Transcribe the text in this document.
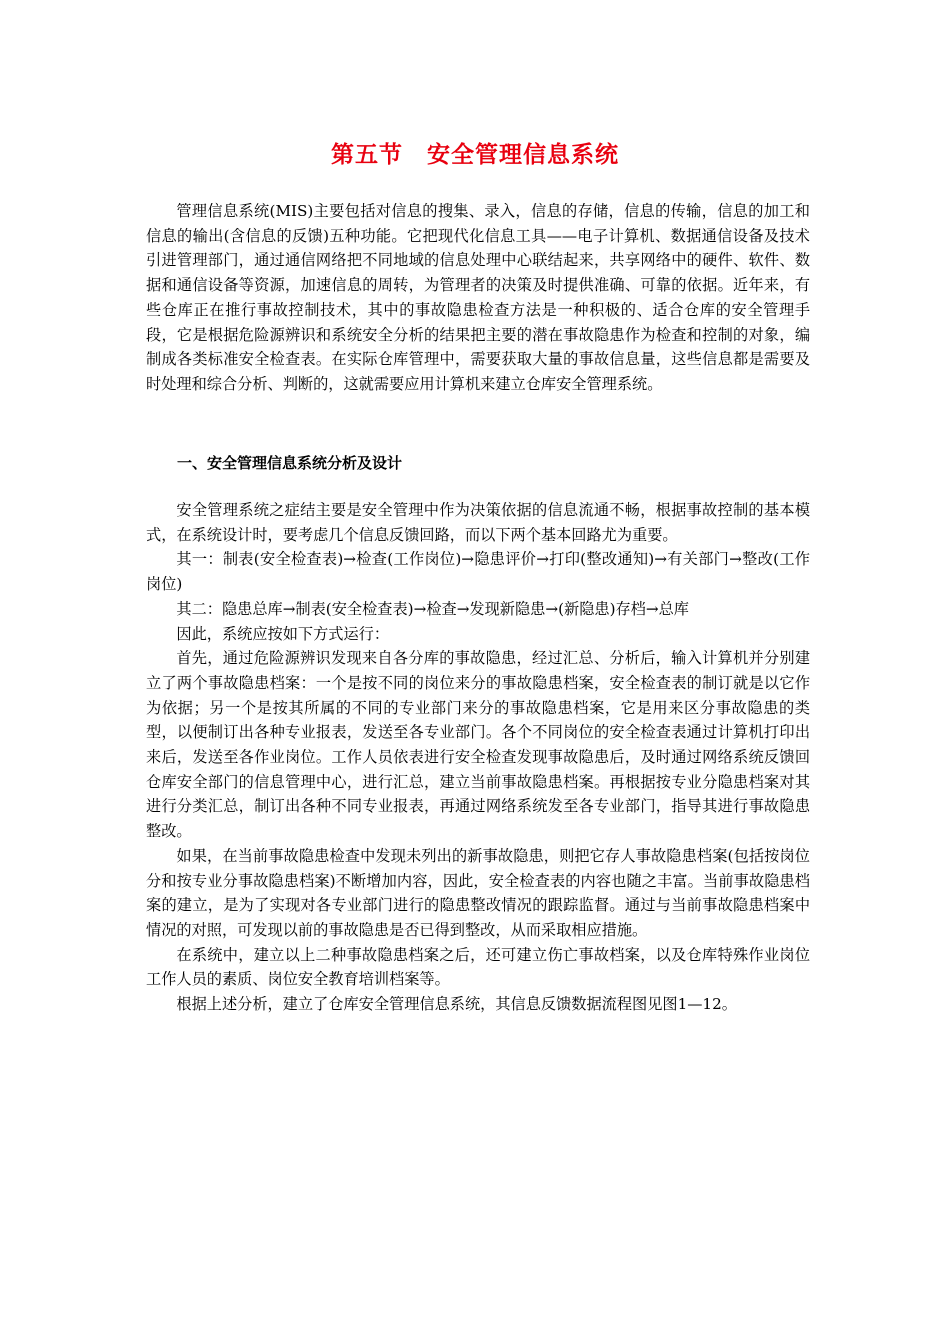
第五节　安全管理信息系统

管理信息系统(MIS)主要包括对信息的搜集、录入，信息的存储，信息的传输，信息的加工和信息的输出(含信息的反馈)五种功能。它把现代化信息工具——电子计算机、数据通信设备及技术引进管理部门，通过通信网络把不同地域的信息处理中心联结起来，共享网络中的硬件、软件、数据和通信设备等资源，加速信息的周转，为管理者的决策及时提供准确、可靠的依据。近年来，有些仓库正在推行事故控制技术，其中的事故隐患检查方法是一种积极的、适合仓库的安全管理手段，它是根据危险源辨识和系统安全分析的结果把主要的潜在事故隐患作为检查和控制的对象，编制成各类标准安全检查表。在实际仓库管理中，需要获取大量的事故信息量，这些信息都是需要及时处理和综合分析、判断的，这就需要应用计算机来建立仓库安全管理系统。

一、安全管理信息系统分析及设计

安全管理系统之症结主要是安全管理中作为决策依据的信息流通不畅，根据事故控制的基本模式，在系统设计时，要考虑几个信息反馈回路，而以下两个基本回路尤为重要。

其一：制表(安全检查表)→检查(工作岗位)→隐患评价→打印(整改通知)→有关部门→整改(工作岗位)

其二：隐患总库→制表(安全检查表)→检查→发现新隐患→(新隐患)存档→总库

因此，系统应按如下方式运行：

首先，通过危险源辨识发现来自各分库的事故隐患，经过汇总、分析后，输入计算机并分别建立了两个事故隐患档案：一个是按不同的岗位来分的事故隐患档案，安全检查表的制订就是以它作为依据；另一个是按其所属的不同的专业部门来分的事故隐患档案，它是用来区分事故隐患的类型，以便制订出各种专业报表，发送至各专业部门。各个不同岗位的安全检查表通过计算机打印出来后，发送至各作业岗位。工作人员依表进行安全检查发现事故隐患后，及时通过网络系统反馈回仓库安全部门的信息管理中心，进行汇总，建立当前事故隐患档案。再根据按专业分隐患档案对其进行分类汇总，制订出各种不同专业报表，再通过网络系统发至各专业部门，指导其进行事故隐患整改。

如果，在当前事故隐患检查中发现未列出的新事故隐患，则把它存人事故隐患档案(包括按岗位分和按专业分事故隐患档案)不断增加内容，因此，安全检查表的内容也随之丰富。当前事故隐患档案的建立，是为了实现对各专业部门进行的隐患整改情况的跟踪监督。通过与当前事故隐患档案中情况的对照，可发现以前的事故隐患是否已得到整改，从而采取相应措施。

在系统中，建立以上二种事故隐患档案之后，还可建立伤亡事故档案，以及仓库特殊作业岗位工作人员的素质、岗位安全教育培训档案等。

根据上述分析，建立了仓库安全管理信息系统，其信息反馈数据流程图见图1—12。
